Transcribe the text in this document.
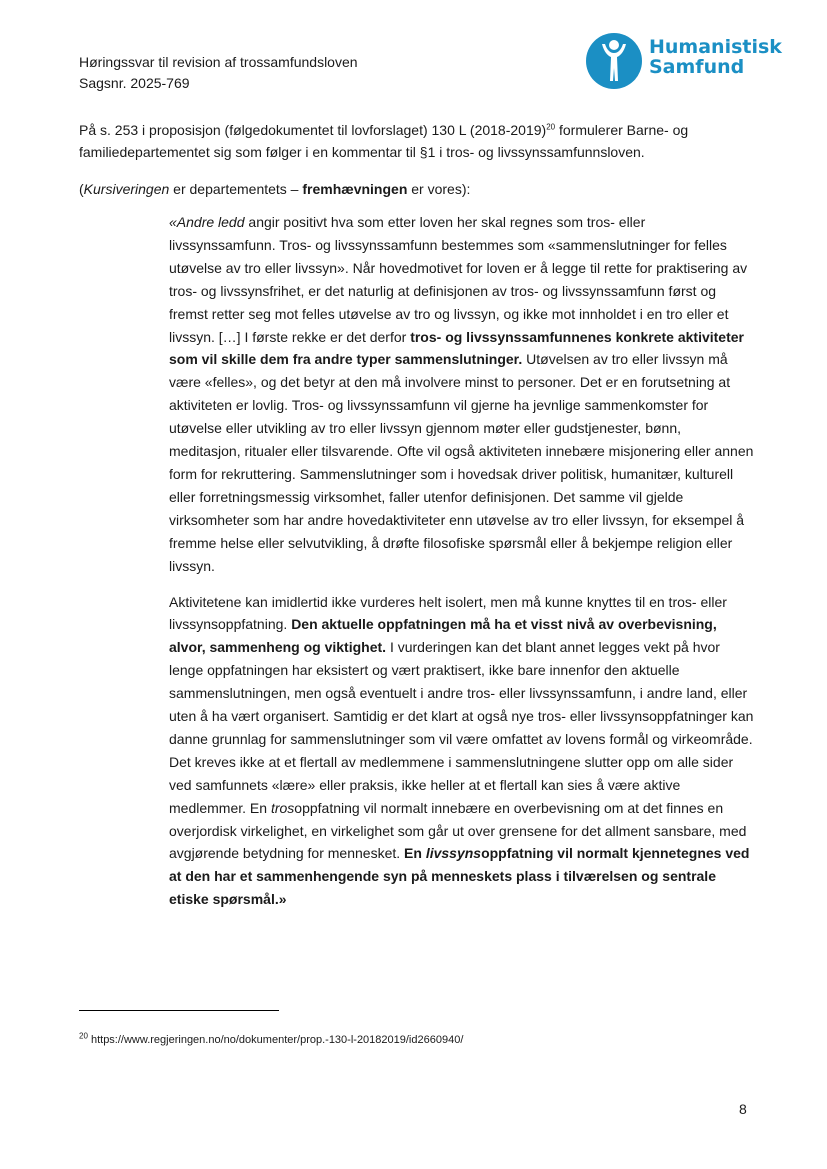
Høringssvar til revision af trossamfundsloven
Sagsnr. 2025-769
Humanistisk
Samfund

På s. 253 i proposisjon (følgedokumentet til lovforslaget) 130 L (2018-2019)$^{20}$ formulerer Barne- og familiedepartementet sig som følger i en kommentar til §1 i tros- og livssynssamfunnsloven.

(Kursiveringen er departementets – fremhævningen er vores):

«Andre ledd angir positivt hva som etter loven her skal regnes som tros- eller livssynssamfunn. Tros- og livssynssamfunn bestemmes som «sammenslutninger for felles utøvelse av tro eller livssyn». Når hovedmotivet for loven er å legge til rette for praktisering av tros- og livssynsfrihet, er det naturlig at definisjonen av tros- og livssynssamfunn først og fremst retter seg mot felles utøvelse av tro og livssyn, og ikke mot innholdet i en tro eller et livssyn. […] I første rekke er det derfor tros- og livssynssamfunnenes konkrete aktiviteter som vil skille dem fra andre typer sammenslutninger. Utøvelsen av tro eller livssyn må være «felles», og det betyr at den må involvere minst to personer. Det er en forutsetning at aktiviteten er lovlig. Tros- og livssynssamfunn vil gjerne ha jevnlige sammenkomster for utøvelse eller utvikling av tro eller livssyn gjennom møter eller gudstjenester, bønn, meditasjon, ritualer eller tilsvarende. Ofte vil også aktiviteten innebære misjonering eller annen form for rekruttering. Sammenslutninger som i hovedsak driver politisk, humanitær, kulturell eller forretningsmessig virksomhet, faller utenfor definisjonen. Det samme vil gjelde virksomheter som har andre hovedaktiviteter enn utøvelse av tro eller livssyn, for eksempel å fremme helse eller selvutvikling, å drøfte filosofiske spørsmål eller å bekjempe religion eller livssyn.

Aktivitetene kan imidlertid ikke vurderes helt isolert, men må kunne knyttes til en tros- eller livssynsoppfatning. Den aktuelle oppfatningen må ha et visst nivå av overbevisning, alvor, sammenheng og viktighet. I vurderingen kan det blant annet legges vekt på hvor lenge oppfatningen har eksistert og vært praktisert, ikke bare innenfor den aktuelle sammenslutningen, men også eventuelt i andre tros- eller livssynssamfunn, i andre land, eller uten å ha vært organisert. Samtidig er det klart at også nye tros- eller livssynsoppfatninger kan danne grunnlag for sammenslutninger som vil være omfattet av lovens formål og virkeområde. Det kreves ikke at et flertall av medlemmene i sammenslutningene slutter opp om alle sider ved samfunnets «lære» eller praksis, ikke heller at et flertall kan sies å være aktive medlemmer. En trosoppfatning vil normalt innebære en overbevisning om at det finnes en overjordisk virkelighet, en virkelighet som går ut over grensene for det allment sansbare, med avgjørende betydning for mennesket. En livssynsoppfatning vil normalt kjennetegnes ved at den har et sammenhengende syn på menneskets plass i tilværelsen og sentrale etiske spørsmål.»

$^{20}$ https://www.regjeringen.no/no/dokumenter/prop.-130-l-20182019/id2660940/
8
